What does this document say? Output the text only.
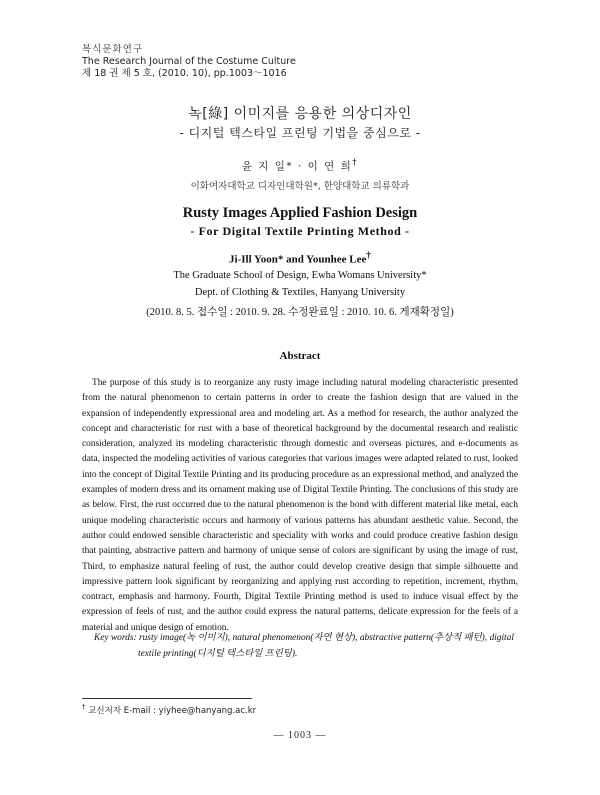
복식문화연구
The Research Journal of the Costume Culture
제 18 권 제 5 호, (2010. 10), pp.1003～1016
녹[綠] 이미지를 응용한 의상디자인
- 디지털 텍스타일 프린팅 기법을 중심으로 -
윤 지 일* · 이 연 희†
이화여자대학교 디자인대학원*, 한양대학교 의류학과
Rusty Images Applied Fashion Design
- For Digital Textile Printing Method -
Ji-Ill Yoon* and Younhee Lee†
The Graduate School of Design, Ewha Womans University*
Dept. of Clothing & Textiles, Hanyang University
(2010. 8. 5. 접수일 : 2010. 9. 28. 수정완료일 : 2010. 10. 6. 게재확정일)
Abstract

The purpose of this study is to reorganize any rusty image including natural modeling characteristic presented from the natural phenomenon to certain patterns in order to create the fashion design that are valued in the expansion of independently expressional area and modeling art. As a method for research, the author analyzed the concept and characteristic for rust with a base of theoretical background by the documental research and realistic consideration, analyzed its modeling characteristic through domestic and overseas pictures, and e-documents as data, inspected the modeling activities of various categories that various images were adapted related to rust, looked into the concept of Digital Textile Printing and its producing procedure as an expressional method, and analyzed the examples of modern dress and its ornament making use of Digital Textile Printing. The conclusions of this study are as below. First, the rust occurred due to the natural phenomenon is the bond with different material like metal, each unique modeling characteristic occurs and harmony of various patterns has abundant aesthetic value. Second, the author could endowed sensible characteristic and speciality with works and could produce creative fashion design that painting, abstractive pattern and harmony of unique sense of colors are significant by using the image of rust, Third, to emphasize natural feeling of rust, the author could develop creative design that simple silhouette and impressive pattern look significant by reorganizing and applying rust according to repetition, increment, rhythm, contract, emphasis and harmony. Fourth, Digital Textile Printing method is used to induce visual effect by the expression of feels of rust, and the author could express the natural patterns, delicate expression for the feels of a material and unique design of emotion.

Key words: rusty image(녹 이미지), natural phenomenon(자연 현상), abstractive pattern(추상적 패턴), digital
textile printing(디지털 텍스타일 프린팅).
† 교신저자 E-mail : yiyhee@hanyang.ac.kr
— 1003 —
